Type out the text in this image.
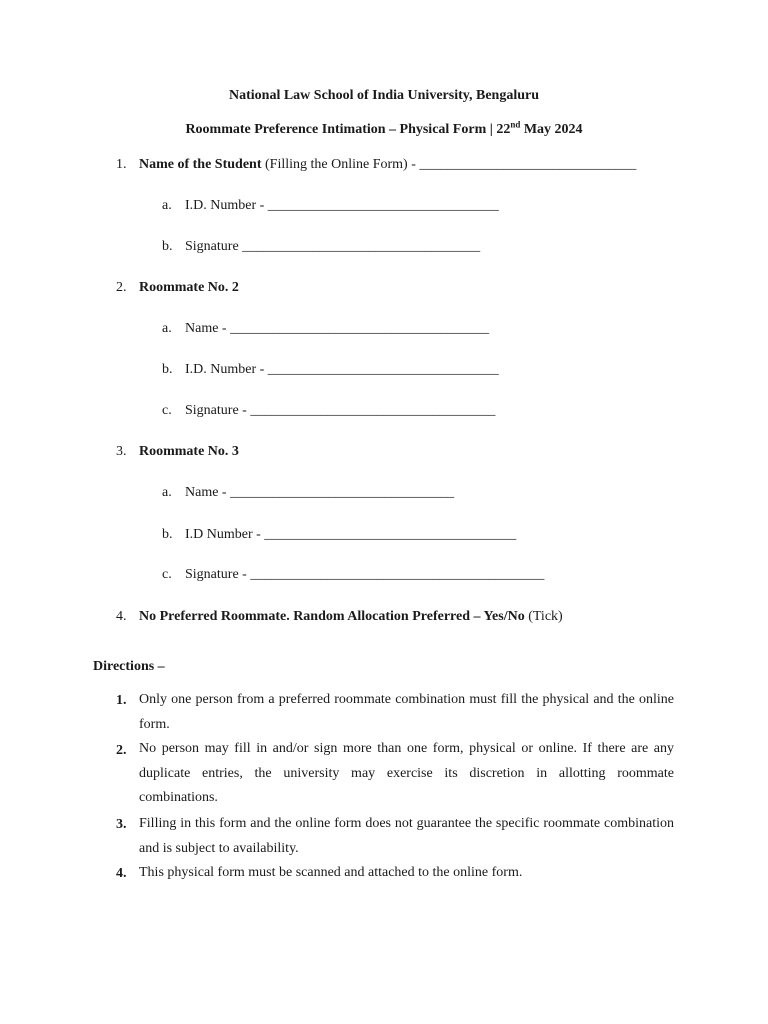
National Law School of India University, Bengaluru
Roommate Preference Intimation – Physical Form | 22nd May 2024
1. Name of the Student (Filling the Online Form) - _______________________________
a. I.D. Number - _________________________________
b. Signature __________________________________
2. Roommate No. 2
a. Name - _____________________________________
b. I.D. Number - _________________________________
c. Signature - ___________________________________
3. Roommate No. 3
a. Name - ________________________________
b. I.D Number - ____________________________________
c. Signature - __________________________________________
4. No Preferred Roommate. Random Allocation Preferred – Yes/No (Tick)
Directions –
1. Only one person from a preferred roommate combination must fill the physical and the online form.
2. No person may fill in and/or sign more than one form, physical or online. If there are any duplicate entries, the university may exercise its discretion in allotting roommate combinations.
3. Filling in this form and the online form does not guarantee the specific roommate combination and is subject to availability.
4. This physical form must be scanned and attached to the online form.
